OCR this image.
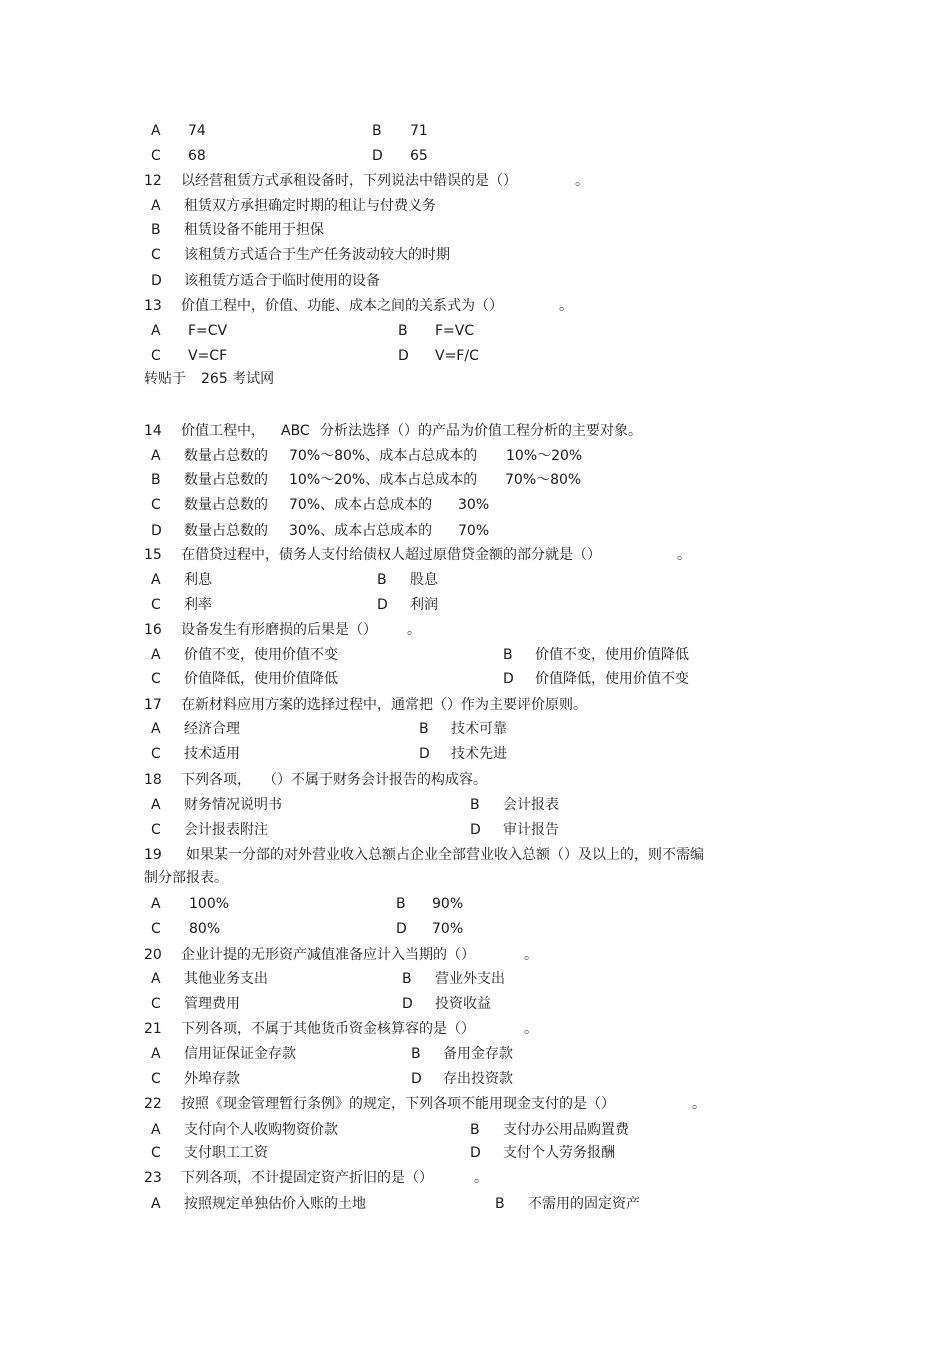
A 74	B 71
C 68	D 65
12 以经营租赁方式承租设备时，下列说法中错误的是（）	。
A 租赁双方承担确定时期的租让与付费义务
B 租赁设备不能用于担保
C 该租赁方式适合于生产任务波动较大的时期
D 该租赁方适合于临时使用的设备
13 价值工程中，价值、功能、成本之间的关系式为（）	。
A F=CV	B F=VC
C V=CF	D V=F/C
转贴于 265 考试网
14 价值工程中， ABC 分析法选择（）的产品为价值工程分析的主要对象。
A 数量占总数的 70%～80%、成本占总成本的 10%～20%
B 数量占总数的 10%～20%、成本占总成本的 70%～80%
C 数量占总数的 70%、成本占总成本的 30%
D 数量占总数的 30%、成本占总成本的 70%
15 在借贷过程中，债务人支付给债权人超过原借贷金额的部分就是（）	。
A 利息	B 股息
C 利率	D 利润
16 设备发生有形磨损的后果是（） 。
A 价值不变，使用价值不变	B 价值不变，使用价值降低
C 价值降低，使用价值降低	D 价值降低，使用价值不变
17 在新材料应用方案的选择过程中，通常把（）作为主要评价原则。
A 经济合理	B 技术可靠
C 技术适用	D 技术先进
18 下列各项， （）不属于财务会计报告的构成容。
A 财务情况说明书	B 会计报表
C 会计报表附注	D 审计报告
19 如果某一分部的对外营业收入总额占企业全部营业收入总额（）及以上的，则不需编
制分部报表。
A 100%	B 90%
C 80%	D 70%
20 企业计提的无形资产减值准备应计入当期的（）	。
A 其他业务支出	B 营业外支出
C 管理费用	D 投资收益
21 下列各项，不属于其他货币资金核算容的是（）	。
A 信用证保证金存款	B 备用金存款
C 外埠存款	D 存出投资款
22 按照《现金管理暂行条例》的规定，下列各项不能用现金支付的是（）	。
A 支付向个人收购物资价款	B 支付办公用品购置费
C 支付职工工资	D 支付个人劳务报酬
23 下列各项，不计提固定资产折旧的是（）	。
A 按照规定单独估价入账的土地	B 不需用的固定资产
